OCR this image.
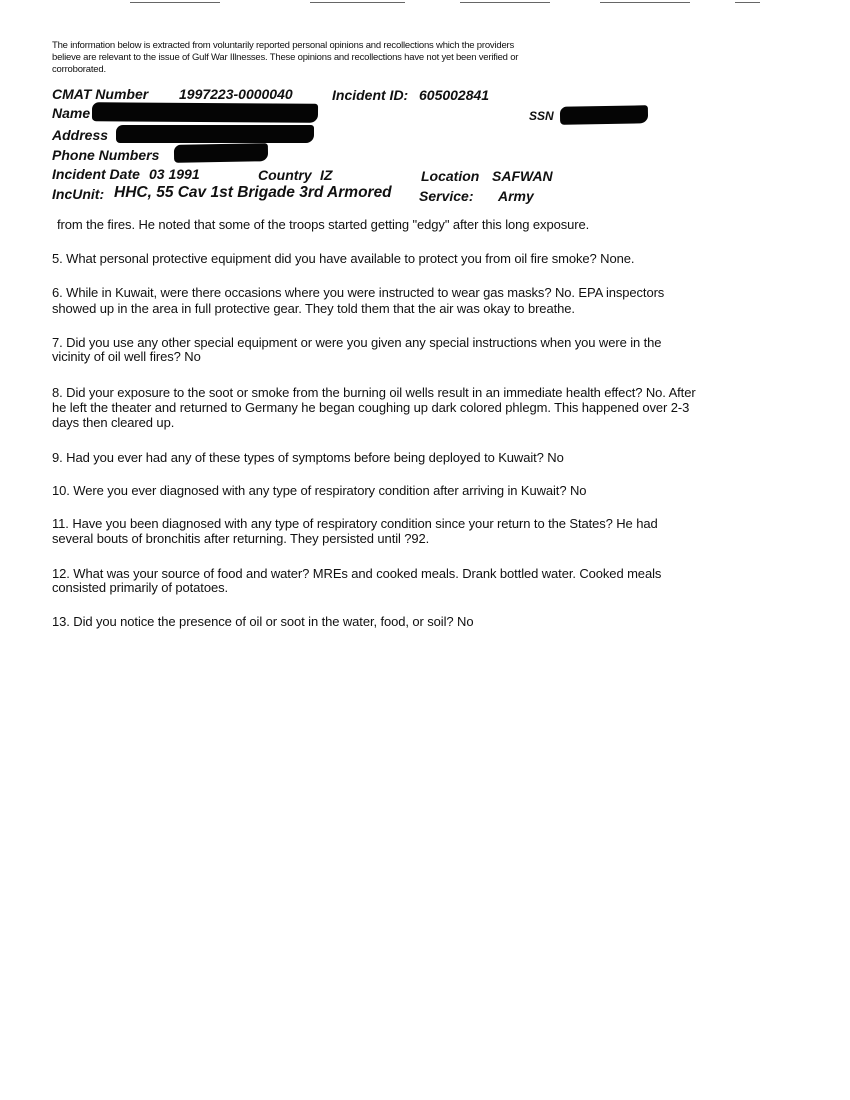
The information below is extracted from voluntarily reported personal opinions and recollections which the providers
believe are relevant to the issue of Gulf War Illnesses. These opinions and recollections have not yet been verified or
corroborated.
CMAT Number 1997223-0000040	Incident ID: 605002841
Name	SSN
Address
Phone Numbers
Incident Date 03 1991	Country IZ	Location SAFWAN
IncUnit: HHC, 55 Cav 1st Brigade 3rd Armored Service: Army
from the fires. He noted that some of the troops started getting "edgy" after this long exposure.
5. What personal protective equipment did you have available to protect you from oil fire smoke? None.
6. While in Kuwait, were there occasions where you were instructed to wear gas masks? No. EPA inspectors
showed up in the area in full protective gear. They told them that the air was okay to breathe.
7. Did you use any other special equipment or were you given any special instructions when you were in the
vicinity of oil well fires? No
8. Did your exposure to the soot or smoke from the burning oil wells result in an immediate health effect? No. After
he left the theater and returned to Germany he began coughing up dark colored phlegm. This happened over 2-3
days then cleared up.
9. Had you ever had any of these types of symptoms before being deployed to Kuwait? No
10. Were you ever diagnosed with any type of respiratory condition after arriving in Kuwait? No
11. Have you been diagnosed with any type of respiratory condition since your return to the States? He had
several bouts of bronchitis after returning. They persisted until ?92.
12. What was your source of food and water? MREs and cooked meals. Drank bottled water. Cooked meals
consisted primarily of potatoes.
13. Did you notice the presence of oil or soot in the water, food, or soil? No
